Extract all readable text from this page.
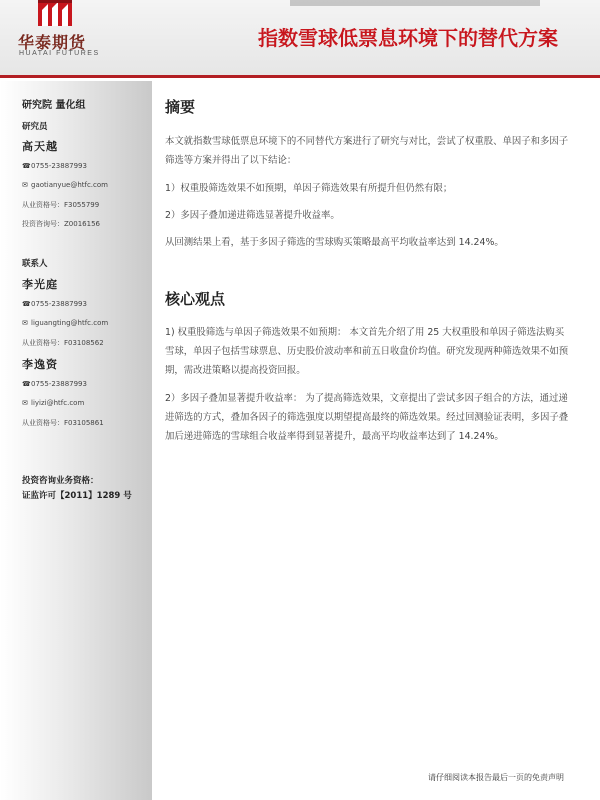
华泰期货
HUATAI FUTURES
指数雪球低票息环境下的替代方案
研究院 量化组
研究员
高天越
☎ 0755-23887993
✉ gaotianyue@htfc.com
从业资格号：F3055799
投资咨询号：Z0016156
联系人
李光庭
☎ 0755-23887993
✉ liguangting@htfc.com
从业资格号：F03108562
李逸资
☎ 0755-23887993
✉ liyizi@htfc.com
从业资格号：F03105861
投资咨询业务资格：
证监许可【2011】1289 号
摘要
本文就指数雪球低票息环境下的不同替代方案进行了研究与对比，尝试了权重股、单因子和多因子筛选等方案并得出了以下结论：
1）权重股筛选效果不如预期，单因子筛选效果有所提升但仍然有限；
2）多因子叠加递进筛选显著提升收益率。
从回测结果上看，基于多因子筛选的雪球购买策略最高平均收益率达到 14.24%。
核心观点
1) 权重股筛选与单因子筛选效果不如预期： 本文首先介绍了用 25 大权重股和单因子筛选法购买雪球，单因子包括雪球票息、历史股价波动率和前五日收盘价均值。研究发现两种筛选效果不如预期，需改进策略以提高投资回报。
2）多因子叠加显著提升收益率： 为了提高筛选效果，文章提出了尝试多因子组合的方法，通过递进筛选的方式，叠加各因子的筛选强度以期望提高最终的筛选效果。经过回测验证表明，多因子叠加后递进筛选的雪球组合收益率得到显著提升，最高平均收益率达到了 14.24%。
请仔细阅读本报告最后一页的免责声明
